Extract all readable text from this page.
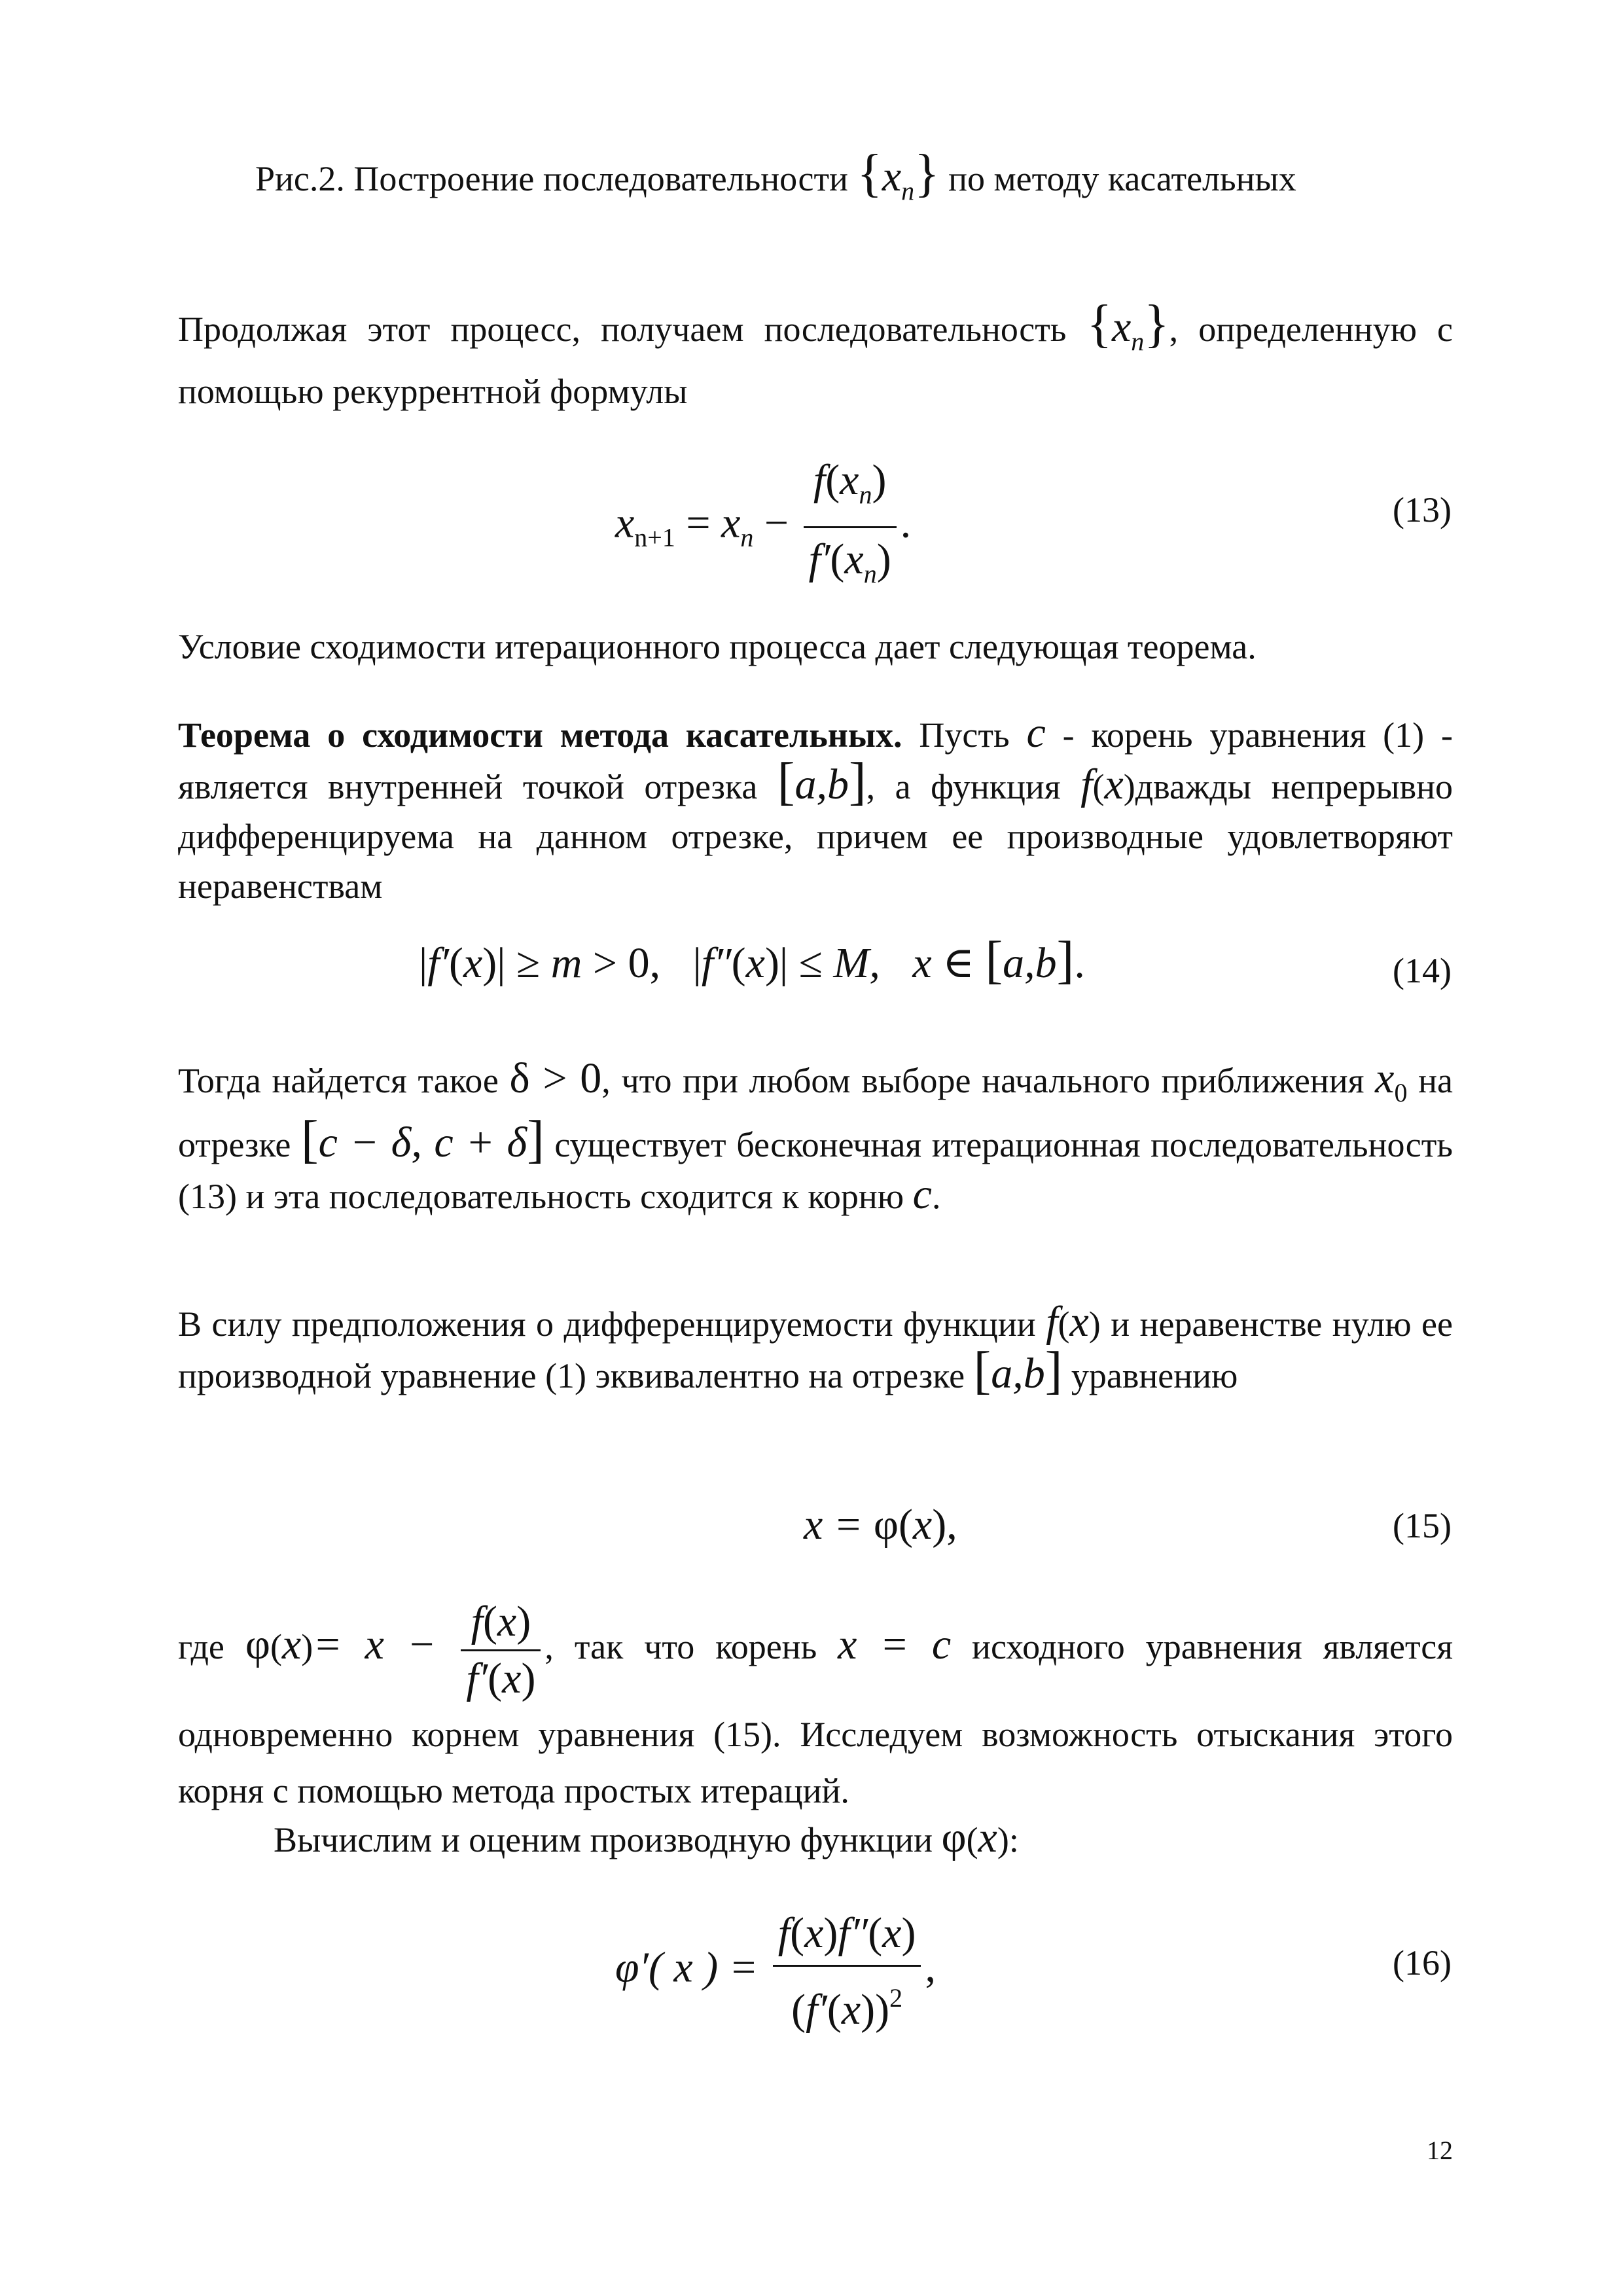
Рис.2. Построение последовательности $\{x_n\}$ по методу касательных
Продолжая этот процесс, получаем последовательность $\{x_n\}$, определенную с помощью рекуррентной формулы
$x_{n+1} = x_n - \frac{f(x_n)}{f'(x_n)}$ .	(13)
Условие сходимости итерационного процесса дает следующая теорема.
Теорема о сходимости метода касательных. Пусть c - корень уравнения (1) - является внутренней точкой отрезка [a,b], а функция f(x)дважды непрерывно дифференцируема на данном отрезке, причем ее производные удовлетворяют неравенствам
|f′(x)| ≥ m > 0,   |f″(x)| ≤ M, x ∈ [a,b].	(14)
Тогда найдется такое δ > 0, что при любом выборе начального приближения $x_0$ на отрезке [c − δ, c + δ] существует бесконечная итерационная последовательность (13) и эта последовательность сходится к корню c.
В силу предположения о дифференцируемости функции f(x) и неравенстве нулю ее производной уравнение (1) эквивалентно на отрезке [a,b] уравнению
x = φ(x),	(15)
где $\varphi(x)= x - \frac{f(x)}{f'(x)}$ , так что корень x = c исходного уравнения является одновременно корнем уравнения (15). Исследуем возможность отыскания этого корня с помощью метода простых итераций.
Вычислим и оценим производную функции φ(x):
φ′( x ) = $\frac{f(x)f''(x)}{(f'(x))^2}$ ,	(16)
12
